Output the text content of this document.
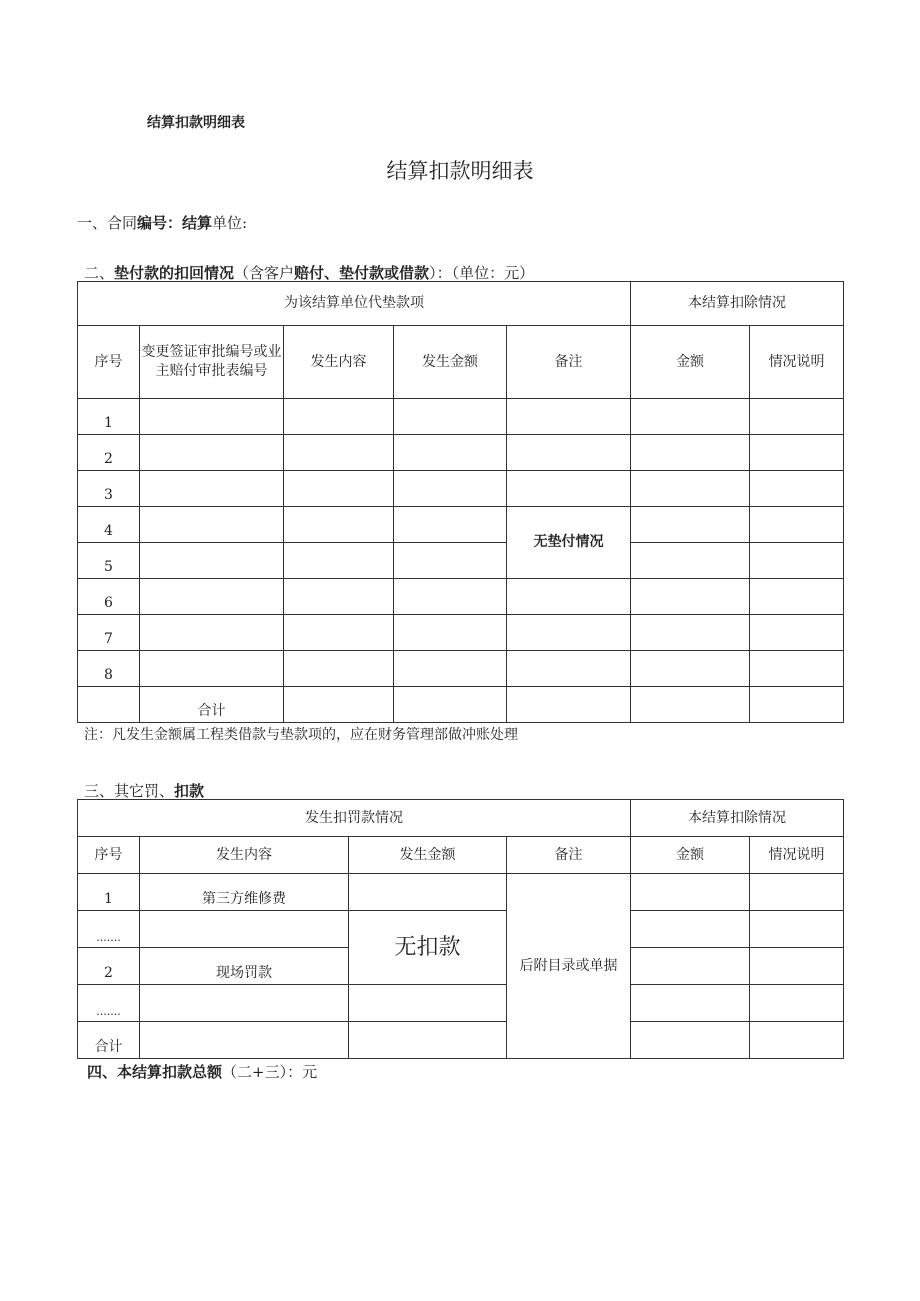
结算扣款明细表
结算扣款明细表
一、合同编号：结算单位:
二、垫付款的扣回情况（含客户赔付、垫付款或借款）：（单位：元）
为该结算单位代垫款项					本结算扣除情况	
序号	变更签证审批编号或业主赔付审批表编号	发生内容	发生金额	备注	金额	情况说明
1						
2						
3						
4				无垫付情况		
5						
6						
7						
8						
	合计					
注：凡发生金额属工程类借款与垫款项的，应在财务管理部做冲账处理
三、其它罚、扣款
发生扣罚款情况				本结算扣除情况	
序号	发生内容	发生金额	备注	金额	情况说明
1	第三方维修费		后附目录或单据		
.......		无扣款			
2	现场罚款				
.......					
合计					
四、本结算扣款总额（二+三）：元
